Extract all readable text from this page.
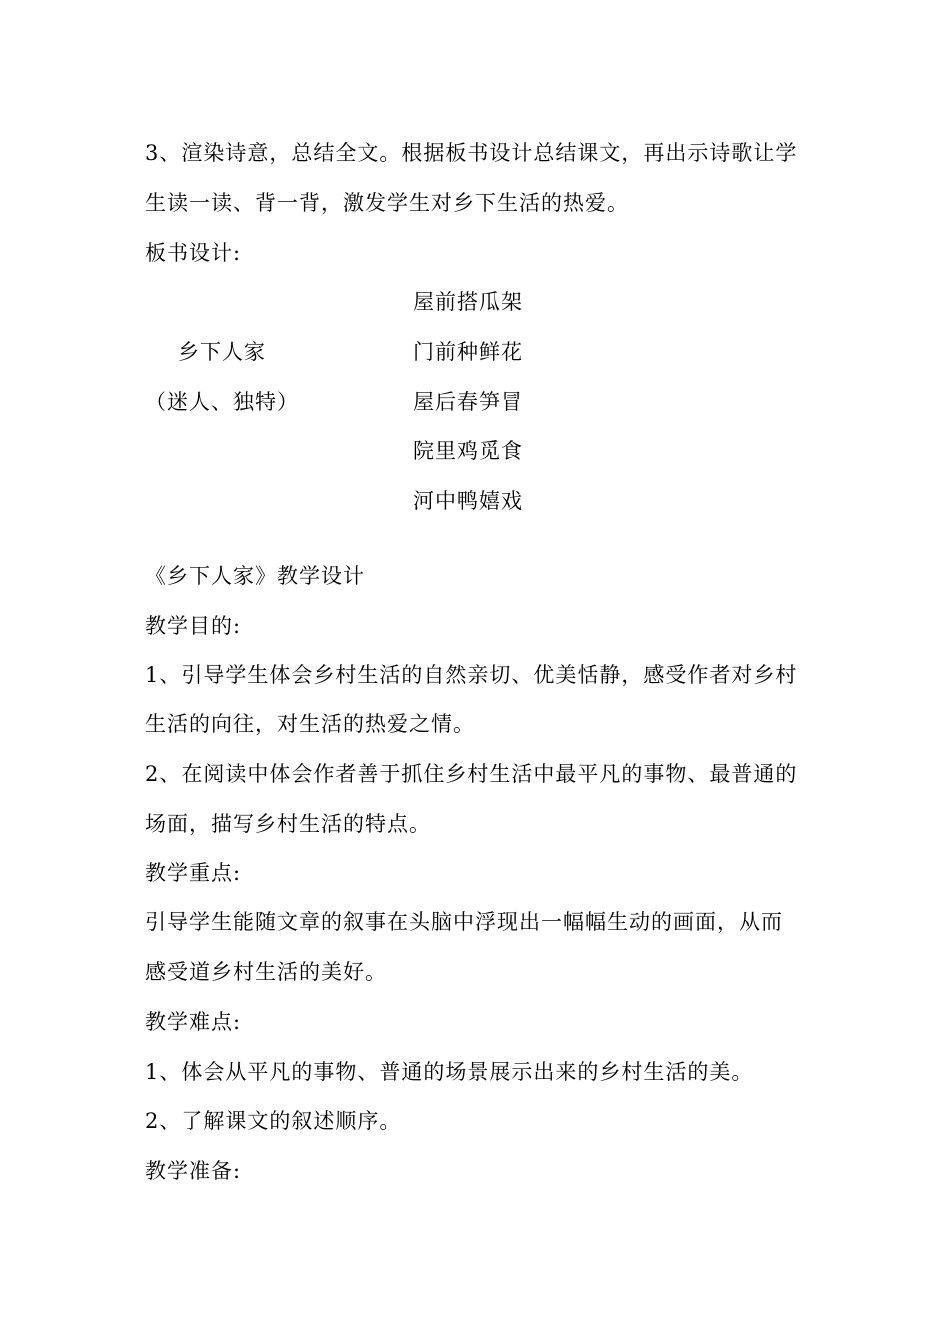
3、渲染诗意，总结全文。根据板书设计总结课文，再出示诗歌让学
生读一读、背一背，激发学生对乡下生活的热爱。
板书设计:
屋前搭瓜架
乡下人家	门前种鲜花
（迷人、独特）	屋后春笋冒
院里鸡觅食
河中鸭嬉戏
《乡下人家》教学设计
教学目的:
1、引导学生体会乡村生活的自然亲切、优美恬静，感受作者对乡村
生活的向往，对生活的热爱之情。
2、在阅读中体会作者善于抓住乡村生活中最平凡的事物、最普通的
场面，描写乡村生活的特点。
教学重点:
引导学生能随文章的叙事在头脑中浮现出一幅幅生动的画面，从而
感受道乡村生活的美好。
教学难点:
1、体会从平凡的事物、普通的场景展示出来的乡村生活的美。
2、了解课文的叙述顺序。
教学准备:
